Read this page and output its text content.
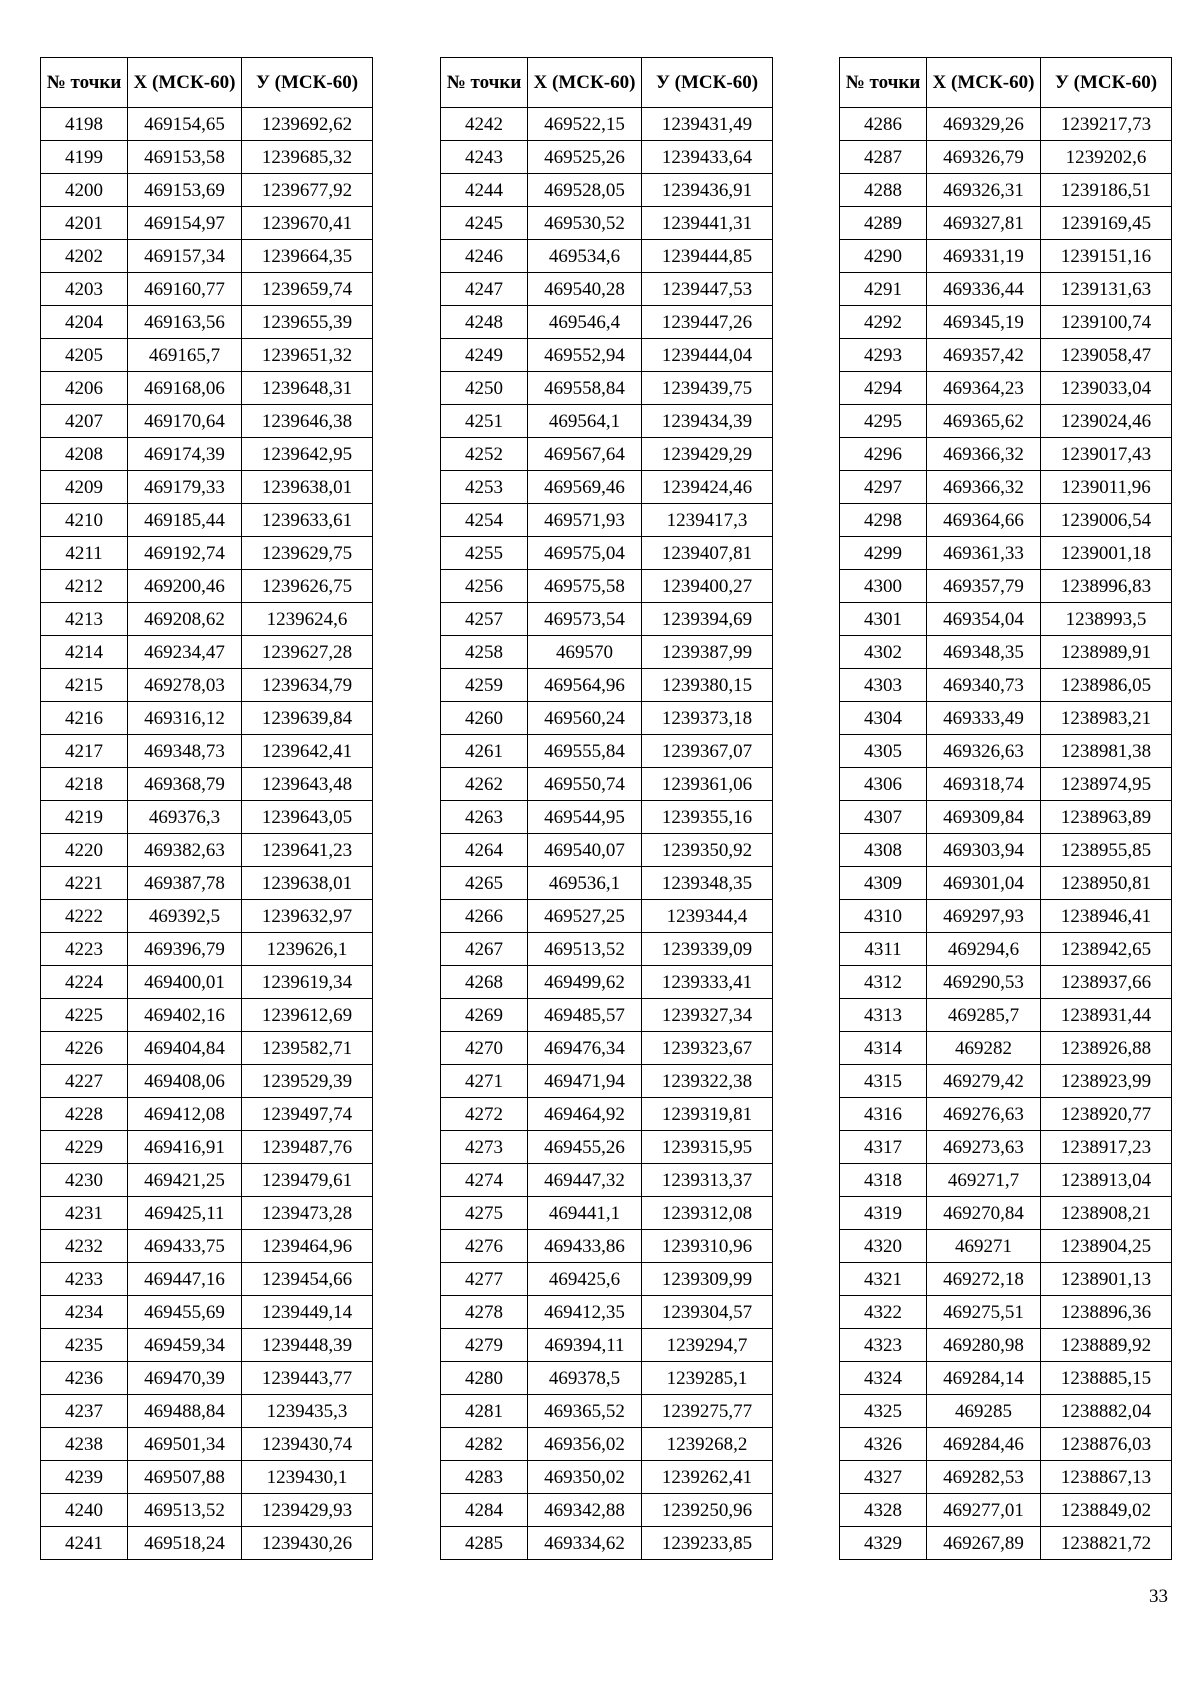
№ точки	Х (МСК-60)	У (МСК-60)
4198	469154,65	1239692,62
4199	469153,58	1239685,32
4200	469153,69	1239677,92
4201	469154,97	1239670,41
4202	469157,34	1239664,35
4203	469160,77	1239659,74
4204	469163,56	1239655,39
4205	469165,7	1239651,32
4206	469168,06	1239648,31
4207	469170,64	1239646,38
4208	469174,39	1239642,95
4209	469179,33	1239638,01
4210	469185,44	1239633,61
4211	469192,74	1239629,75
4212	469200,46	1239626,75
4213	469208,62	1239624,6
4214	469234,47	1239627,28
4215	469278,03	1239634,79
4216	469316,12	1239639,84
4217	469348,73	1239642,41
4218	469368,79	1239643,48
4219	469376,3	1239643,05
4220	469382,63	1239641,23
4221	469387,78	1239638,01
4222	469392,5	1239632,97
4223	469396,79	1239626,1
4224	469400,01	1239619,34
4225	469402,16	1239612,69
4226	469404,84	1239582,71
4227	469408,06	1239529,39
4228	469412,08	1239497,74
4229	469416,91	1239487,76
4230	469421,25	1239479,61
4231	469425,11	1239473,28
4232	469433,75	1239464,96
4233	469447,16	1239454,66
4234	469455,69	1239449,14
4235	469459,34	1239448,39
4236	469470,39	1239443,77
4237	469488,84	1239435,3
4238	469501,34	1239430,74
4239	469507,88	1239430,1
4240	469513,52	1239429,93
4241	469518,24	1239430,26
№ точки	Х (МСК-60)	У (МСК-60)
4242	469522,15	1239431,49
4243	469525,26	1239433,64
4244	469528,05	1239436,91
4245	469530,52	1239441,31
4246	469534,6	1239444,85
4247	469540,28	1239447,53
4248	469546,4	1239447,26
4249	469552,94	1239444,04
4250	469558,84	1239439,75
4251	469564,1	1239434,39
4252	469567,64	1239429,29
4253	469569,46	1239424,46
4254	469571,93	1239417,3
4255	469575,04	1239407,81
4256	469575,58	1239400,27
4257	469573,54	1239394,69
4258	469570	1239387,99
4259	469564,96	1239380,15
4260	469560,24	1239373,18
4261	469555,84	1239367,07
4262	469550,74	1239361,06
4263	469544,95	1239355,16
4264	469540,07	1239350,92
4265	469536,1	1239348,35
4266	469527,25	1239344,4
4267	469513,52	1239339,09
4268	469499,62	1239333,41
4269	469485,57	1239327,34
4270	469476,34	1239323,67
4271	469471,94	1239322,38
4272	469464,92	1239319,81
4273	469455,26	1239315,95
4274	469447,32	1239313,37
4275	469441,1	1239312,08
4276	469433,86	1239310,96
4277	469425,6	1239309,99
4278	469412,35	1239304,57
4279	469394,11	1239294,7
4280	469378,5	1239285,1
4281	469365,52	1239275,77
4282	469356,02	1239268,2
4283	469350,02	1239262,41
4284	469342,88	1239250,96
4285	469334,62	1239233,85
№ точки	Х (МСК-60)	У (МСК-60)
4286	469329,26	1239217,73
4287	469326,79	1239202,6
4288	469326,31	1239186,51
4289	469327,81	1239169,45
4290	469331,19	1239151,16
4291	469336,44	1239131,63
4292	469345,19	1239100,74
4293	469357,42	1239058,47
4294	469364,23	1239033,04
4295	469365,62	1239024,46
4296	469366,32	1239017,43
4297	469366,32	1239011,96
4298	469364,66	1239006,54
4299	469361,33	1239001,18
4300	469357,79	1238996,83
4301	469354,04	1238993,5
4302	469348,35	1238989,91
4303	469340,73	1238986,05
4304	469333,49	1238983,21
4305	469326,63	1238981,38
4306	469318,74	1238974,95
4307	469309,84	1238963,89
4308	469303,94	1238955,85
4309	469301,04	1238950,81
4310	469297,93	1238946,41
4311	469294,6	1238942,65
4312	469290,53	1238937,66
4313	469285,7	1238931,44
4314	469282	1238926,88
4315	469279,42	1238923,99
4316	469276,63	1238920,77
4317	469273,63	1238917,23
4318	469271,7	1238913,04
4319	469270,84	1238908,21
4320	469271	1238904,25
4321	469272,18	1238901,13
4322	469275,51	1238896,36
4323	469280,98	1238889,92
4324	469284,14	1238885,15
4325	469285	1238882,04
4326	469284,46	1238876,03
4327	469282,53	1238867,13
4328	469277,01	1238849,02
4329	469267,89	1238821,72
33
